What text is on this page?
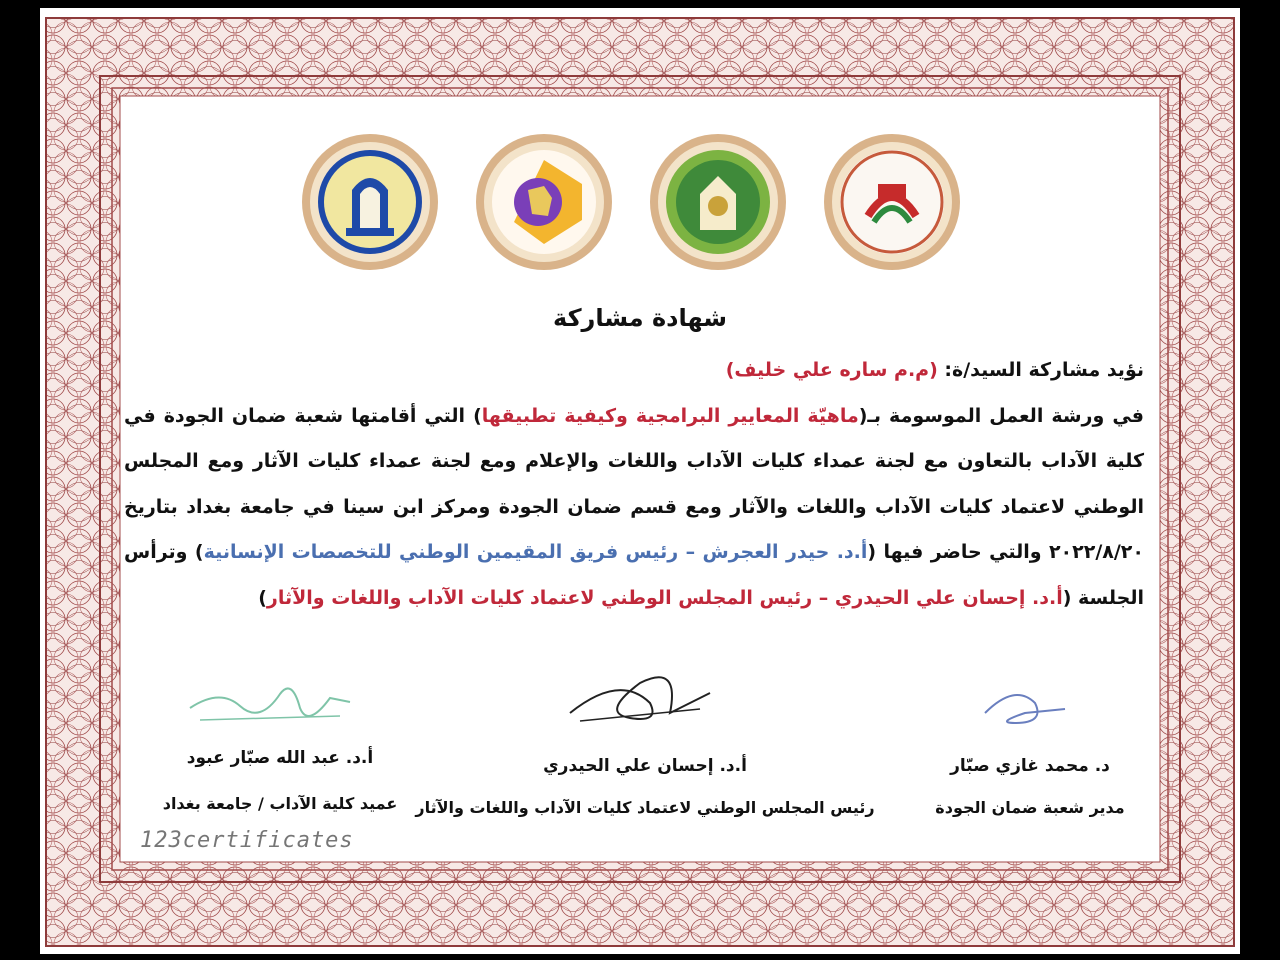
شهادة مشاركة
نؤيد مشاركة السيد/ة: (م.م ساره علي خليف)
في ورشة العمل الموسومة بـ(ماهيّة المعايير البرامجية وكيفية تطبيقها) التي أقامتها شعبة ضمان الجودة في كلية الآداب بالتعاون مع لجنة عمداء كليات الآداب واللغات والإعلام ومع لجنة عمداء كليات الآثار ومع المجلس الوطني لاعتماد كليات الآداب واللغات والآثار ومع قسم ضمان الجودة ومركز ابن سينا في جامعة بغداد بتاريخ ٢٠٢٢/٨/٢٠ والتي حاضر فيها (أ.د. حيدر العجرش – رئيس فريق المقيمين الوطني للتخصصات الإنسانية) وترأس الجلسة (أ.د. إحسان علي الحيدري – رئيس المجلس الوطني لاعتماد كليات الآداب واللغات والآثار)
أ.د. عبد الله صبّار عبود
عميد كلية الآداب / جامعة بغداد
أ.د. إحسان علي الحيدري
رئيس المجلس الوطني لاعتماد كليات الآداب واللغات والآثار
د. محمد غازي صبّار
مدير شعبة ضمان الجودة
123certificates
